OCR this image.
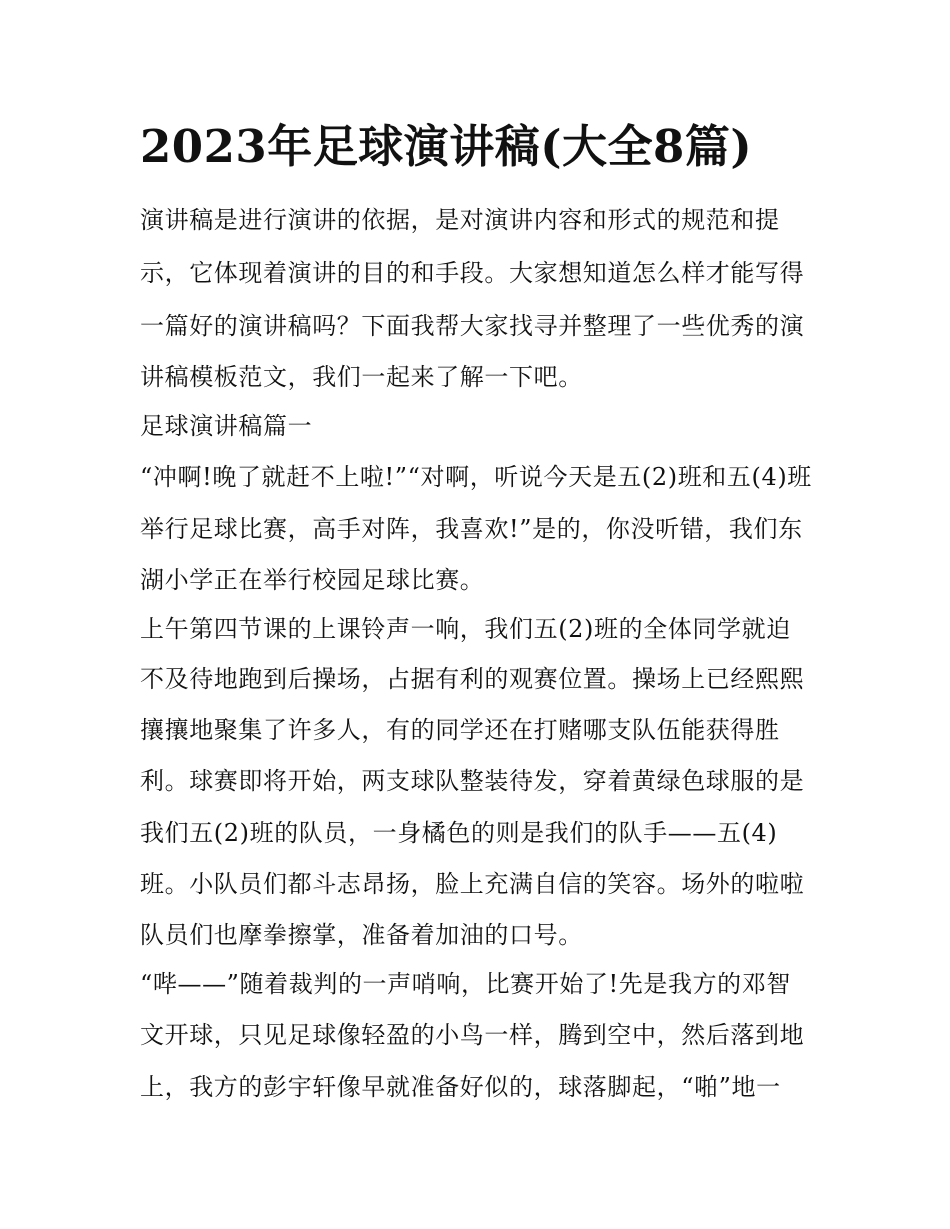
2023年足球演讲稿(大全8篇)

演讲稿是进行演讲的依据，是对演讲内容和形式的规范和提

示，它体现着演讲的目的和手段。大家想知道怎么样才能写得

一篇好的演讲稿吗？下面我帮大家找寻并整理了一些优秀的演

讲稿模板范文，我们一起来了解一下吧。

足球演讲稿篇一

“冲啊!晚了就赶不上啦!”“对啊，听说今天是五(2)班和五(4)班

举行足球比赛，高手对阵，我喜欢!”是的，你没听错，我们东

湖小学正在举行校园足球比赛。

上午第四节课的上课铃声一响，我们五(2)班的全体同学就迫

不及待地跑到后操场，占据有利的观赛位置。操场上已经熙熙

攘攘地聚集了许多人，有的同学还在打赌哪支队伍能获得胜

利。球赛即将开始，两支球队整装待发，穿着黄绿色球服的是

我们五(2)班的队员，一身橘色的则是我们的队手——五(4)

班。小队员们都斗志昂扬，脸上充满自信的笑容。场外的啦啦

队员们也摩拳擦掌，准备着加油的口号。

“哔——”随着裁判的一声哨响，比赛开始了!先是我方的邓智

文开球，只见足球像轻盈的小鸟一样，腾到空中，然后落到地

上，我方的彭宇轩像早就准备好似的，球落脚起，“啪”地一
